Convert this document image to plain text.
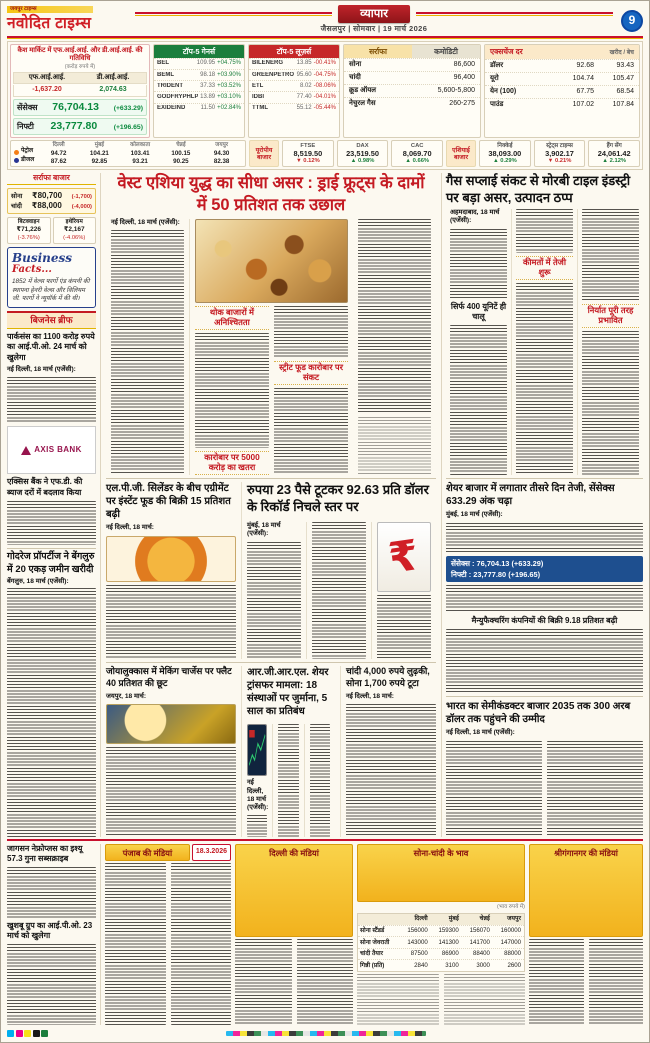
जयपुर टाइम्स
नवोदित टाइम्स
व्यापार
जैसलपुर | सोमवार | 19 मार्च 2026
9
कैश मार्किट में एफ.आई.आई. और डी.आई.आई. की गतिविधि
(करोड़ रुपये में)
एफ.आई.आई.	डी.आई.आई.
-1,637.20	2,074.63
सेंसेक्स 76,704.13 (+633.29)
निफ्टी 23,777.80 (+196.65)
टॉप-5 गेनर्स
BEL	109.95 +04.75%
BEML	98.18 +03.90%
TRIDENT	37.33 +03.52%
GODFRYPHLP 13.89 +03.10%
EXIDEIND	11.50 +02.84%
टॉप-5 लूज़र्स
BILENERG	13.85 -00.41%
GREENPETRO 95.60 -04.75%
ETL	8.02 -08.06%
IDBI	77.40 -04.01%
TTML	55.12 -05.44%
सर्राफा	कमोडिटी
सोना	86,600
चांदी	96,400
क्रूड ऑयल	5,600-5,800
नेचुरल गैस	260-275
एक्सचेंज दर	खरीद / बेच
डॉलर	92.68	93.43
यूरो	104.74	105.47
येन (100)	67.75	68.54
पाउंड	107.02	107.84
पेट्रोल
डीजल
दिल्ली	मुंबई	कोलकाता	चेन्नई	जयपुर
94.72	104.21	103.41	100.15	94.30
87.62	92.85	93.21	90.25	82.38
यूरोपीय बाजार
FTSE
8,519.50
▼ 0.12%
DAX
23,519.50
▲ 0.98%
CAC
8,069.70
▲ 0.66%
एशियाई बाजार
निक्केई
38,093.00
▲ 0.29%
स्ट्रेट्स टाइम्स
3,902.17
▼ 0.21%
हैंग सेंग
24,061.42
▲ 2.12%
सर्राफा बाजार
सोना ₹80,700 (-1,700)
चांदी ₹88,000 (-4,000)
बिटक्वाइन
₹71,226
(-3.76%)
इथेरियम
₹2,167
(-4.06%)
Business
Facts...
1852 में वेल्स फार्गो एंड कंपनी की स्थापना हेनरी वेल्स और विलियम जी. फार्गो ने न्यूयॉर्क में की थी।
बिजनेस ब्रीफ
पार्कसंस का 1100 करोड़ रुपये का आई.पी.ओ. 24 मार्च को खुलेगा
नई दिल्ली, 18 मार्च (एजेंसी):
AXIS BANK
एक्सिस बैंक ने एफ.डी. की ब्याज दरों में बदलाव किया
गोदरेज प्रॉपर्टीज ने बेंगलुरु में 20 एकड़ जमीन खरीदी
बेंगलुरु, 18 मार्च (एजेंसी):
वेस्ट एशिया युद्ध का सीधा असर : ड्राई फ्रूट्स के दामों में 50 प्रतिशत तक उछाल
नई दिल्ली, 18 मार्च (एजेंसी):
थोक बाजारों में अनिश्चितता
कारोबार पर 5000 करोड़ का खतरा
स्ट्रीट फूड कारोबार पर संकट
एल.पी.जी. सिलेंडर के बीच एग्रीमेंट पर इंस्टेंट फूड की बिक्री 15 प्रतिशत बढ़ी
नई दिल्ली, 18 मार्च:
रुपया 23 पैसे टूटकर 92.63 प्रति डॉलर के रिकॉर्ड निचले स्तर पर
मुंबई, 18 मार्च (एजेंसी):	₹
जोयालुक्कास में मेकिंग चार्जेस पर फ्लैट 40 प्रतिशत की छूट
जयपुर, 18 मार्च:
आर.जी.आर.एल. शेयर ट्रांसफर मामला: 18 संस्थाओं पर जुर्माना, 5 साल का प्रतिबंध
नई दिल्ली, 18 मार्च (एजेंसी):
चांदी 4,000 रुपये लुढ़की, सोना 1,700 रुपये टूटा
नई दिल्ली, 18 मार्च:
गैस सप्लाई संकट से मोरबी टाइल इंडस्ट्री पर बड़ा असर, उत्पादन ठप्प
अहमदाबाद, 18 मार्च (एजेंसी):
सिर्फ 400 यूनिटें ही चालू
कीमतों में तेजी शुरू
निर्यात पूरी तरह प्रभावित
शेयर बाजार में लगातार तीसरे दिन तेजी, सेंसेक्स 633.29 अंक चढ़ा
मुंबई, 18 मार्च (एजेंसी):
सेंसेक्स : 76,704.13 (+633.29)
निफ्टी : 23,777.80 (+196.65)
मैन्युफैक्चरिंग कंपनियों की बिक्री 9.18 प्रतिशत बढ़ी
भारत का सेमीकंडक्टर बाजार 2035 तक 300 अरब डॉलर तक पहुंचने की उम्मीद
नई दिल्ली, 18 मार्च (एजेंसी):
जागसन नेफ्रोप्लस का इश्यू 57.3 गुना सब्सक्राइब
खुशबू ग्रुप का आई.पी.ओ. 23 मार्च को खुलेगा
पंजाब की मंडियां	18.3.2026	दिल्ली की मंडियां	सोना-चांदी के भाव
(भाव रुपये में)
दिल्ली	मुंबई	चेन्नई	जयपुर
सोना स्टैंडर्ड	156000	159300	156070	160000
सोना जेवराती	143000	141300	141700	147000
चांदी तैयार	87500	86900	88400	88000
गिन्नी (प्रति)	2840	3100	3000	2600
श्रीगंगानगर की मंडियां
